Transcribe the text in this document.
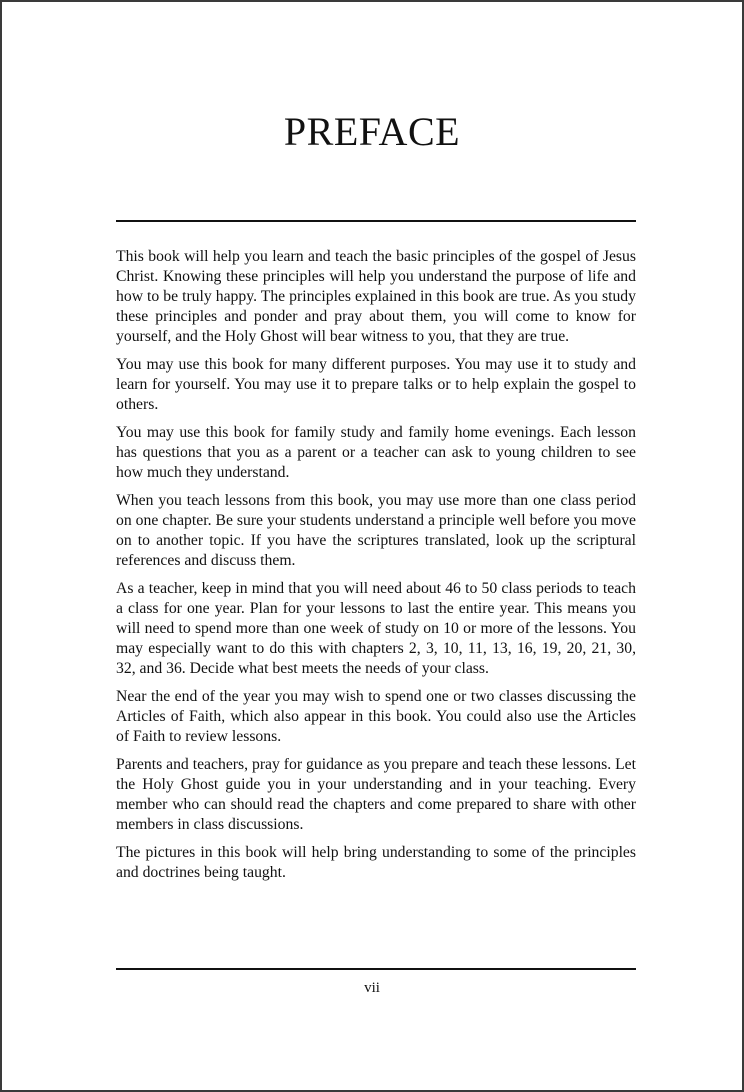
PREFACE

This book will help you learn and teach the basic principles of the gospel of Jesus Christ. Knowing these principles will help you understand the purpose of life and how to be truly happy. The principles explained in this book are true. As you study these principles and ponder and pray about them, you will come to know for yourself, and the Holy Ghost will bear witness to you, that they are true.

You may use this book for many different purposes. You may use it to study and learn for yourself. You may use it to prepare talks or to help explain the gospel to others.

You may use this book for family study and family home evenings. Each lesson has questions that you as a parent or a teacher can ask to young children to see how much they understand.

When you teach lessons from this book, you may use more than one class period on one chapter. Be sure your students understand a principle well before you move on to another topic. If you have the scriptures translated, look up the scriptural references and discuss them.

As a teacher, keep in mind that you will need about 46 to 50 class periods to teach a class for one year. Plan for your lessons to last the entire year. This means you will need to spend more than one week of study on 10 or more of the lessons. You may especially want to do this with chapters 2, 3, 10, 11, 13, 16, 19, 20, 21, 30, 32, and 36. Decide what best meets the needs of your class.

Near the end of the year you may wish to spend one or two classes discussing the Articles of Faith, which also appear in this book. You could also use the Articles of Faith to review lessons.

Parents and teachers, pray for guidance as you prepare and teach these lessons. Let the Holy Ghost guide you in your understanding and in your teaching. Every member who can should read the chapters and come prepared to share with other members in class discussions.

The pictures in this book will help bring understanding to some of the principles and doctrines being taught.

vii
